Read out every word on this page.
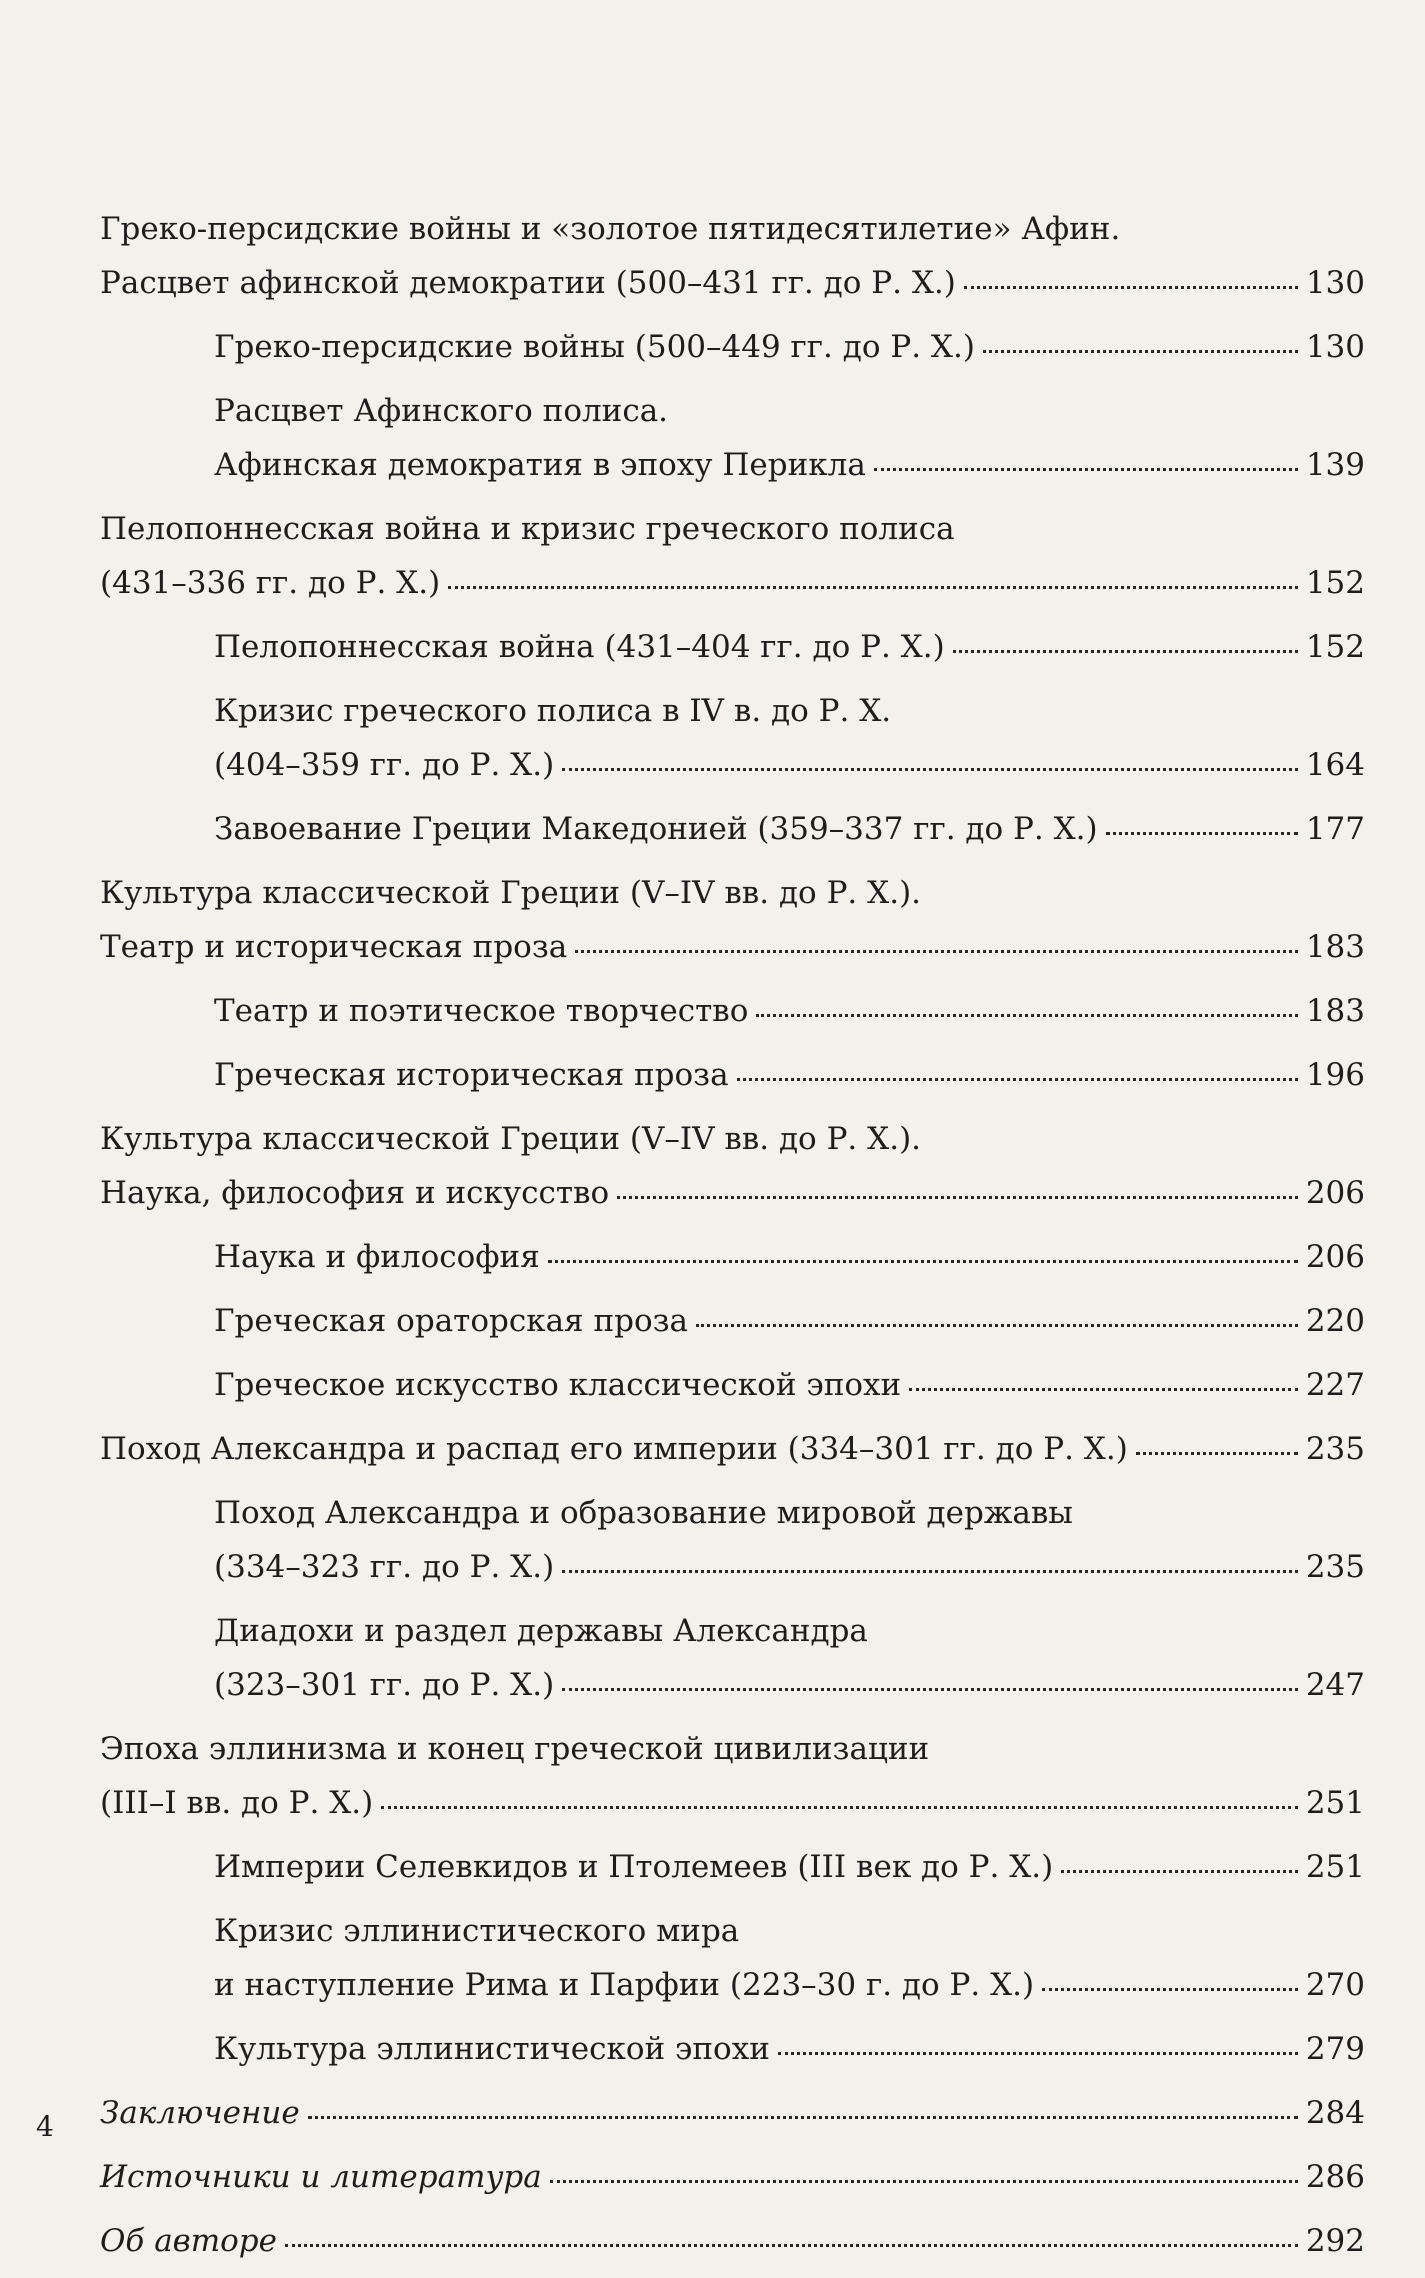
Греко-персидские войны и «золотое пятидесятилетие» Афин.
Расцвет афинской демократии (500–431 гг. до Р. Х.)	130
Греко-персидские войны (500–449 гг. до Р. Х.)	130
Расцвет Афинского полиса.
Афинская демократия в эпоху Перикла	139
Пелопоннесская война и кризис греческого полиса
(431–336 гг. до Р. Х.)	152
Пелопоннесская война (431–404 гг. до Р. Х.)	152
Кризис греческого полиса в IV в. до Р. Х.
(404–359 гг. до Р. Х.)	164
Завоевание Греции Македонией (359–337 гг. до Р. Х.)	177
Культура классической Греции (V–IV вв. до Р. Х.).
Театр и историческая проза	183
Театр и поэтическое творчество	183
Греческая историческая проза	196
Культура классической Греции (V–IV вв. до Р. Х.).
Наука, философия и искусство	206
Наука и философия	206
Греческая ораторская проза	220
Греческое искусство классической эпохи	227
Поход Александра и распад его империи (334–301 гг. до Р. Х.)	235
Поход Александра и образование мировой державы
(334–323 гг. до Р. Х.)	235
Диадохи и раздел державы Александра
(323–301 гг. до Р. Х.)	247
Эпоха эллинизма и конец греческой цивилизации
(III–I вв. до Р. Х.)	251
Империи Селевкидов и Птолемеев (III век до Р. Х.)	251
Кризис эллинистического мира
и наступление Рима и Парфии (223–30 г. до Р. Х.)	270
Культура эллинистической эпохи	279
Заключение	284
Источники и литература	286
Об авторе	292
4
